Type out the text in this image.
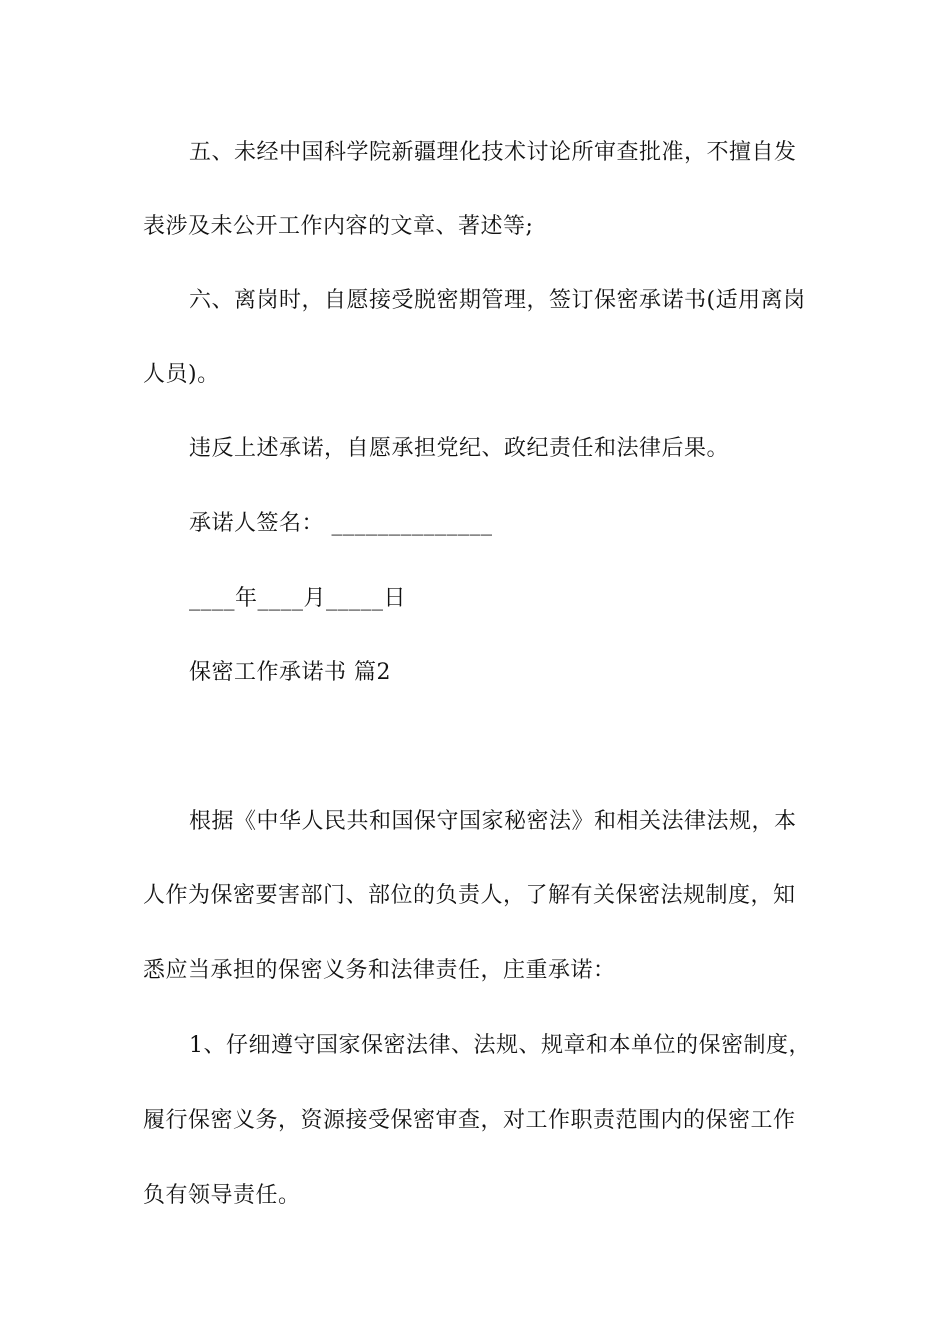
五、未经中国科学院新疆理化技术讨论所审查批准，不擅自发
表涉及未公开工作内容的文章、著述等;
六、离岗时，自愿接受脱密期管理，签订保密承诺书(适用离岗
人员)。
违反上述承诺，自愿承担党纪、政纪责任和法律后果。
承诺人签名： ______________
____年____月_____日
保密工作承诺书 篇2
根据《中华人民共和国保守国家秘密法》和相关法律法规，本
人作为保密要害部门、部位的负责人，了解有关保密法规制度，知
悉应当承担的保密义务和法律责任，庄重承诺：
1、仔细遵守国家保密法律、法规、规章和本单位的保密制度，
履行保密义务，资源接受保密审查，对工作职责范围内的保密工作
负有领导责任。
